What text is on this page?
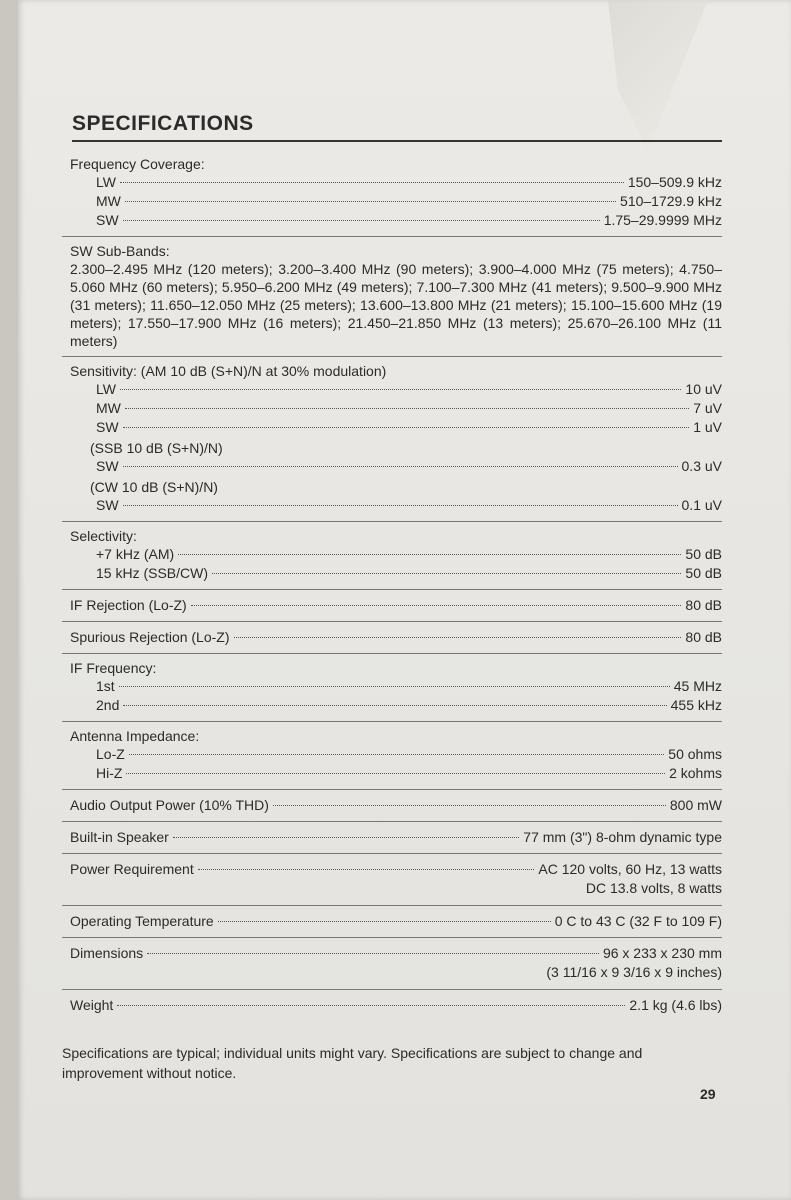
SPECIFICATIONS
Frequency Coverage:
LW	150–509.9 kHz
MW	510–1729.9 kHz
SW	1.75–29.9999 MHz
SW Sub-Bands:
2.300–2.495 MHz (120 meters); 3.200–3.400 MHz (90 meters); 3.900–4.000 MHz (75 meters); 4.750–5.060 MHz (60 meters); 5.950–6.200 MHz (49 meters); 7.100–7.300 MHz (41 meters); 9.500–9.900 MHz (31 meters); 11.650–12.050 MHz (25 meters); 13.600–13.800 MHz (21 meters); 15.100–15.600 MHz (19 meters); 17.550–17.900 MHz (16 meters); 21.450–21.850 MHz (13 meters); 25.670–26.100 MHz (11 meters)
Sensitivity: (AM 10 dB (S+N)/N at 30% modulation)
LW	10 uV
MW	7 uV
SW	1 uV
(SSB 10 dB (S+N)/N)
SW	0.3 uV
(CW 10 dB (S+N)/N)
SW	0.1 uV
Selectivity:
+7 kHz (AM)	50 dB
15 kHz (SSB/CW)	50 dB
IF Rejection (Lo-Z)	80 dB
Spurious Rejection (Lo-Z)	80 dB
IF Frequency:
1st	45 MHz
2nd	455 kHz
Antenna Impedance:
Lo-Z	50 ohms
Hi-Z	2 kohms
Audio Output Power (10% THD)	800 mW
Built-in Speaker	77 mm (3") 8-ohm dynamic type
Power Requirement	AC 120 volts, 60 Hz, 13 watts
DC 13.8 volts, 8 watts
Operating Temperature	0 C to 43 C (32 F to 109 F)
Dimensions	96 x 233 x 230 mm
(3 11/16 x 9 3/16 x 9 inches)
Weight	2.1 kg (4.6 lbs)
Specifications are typical; individual units might vary. Specifications are subject to change and improvement without notice.
29
